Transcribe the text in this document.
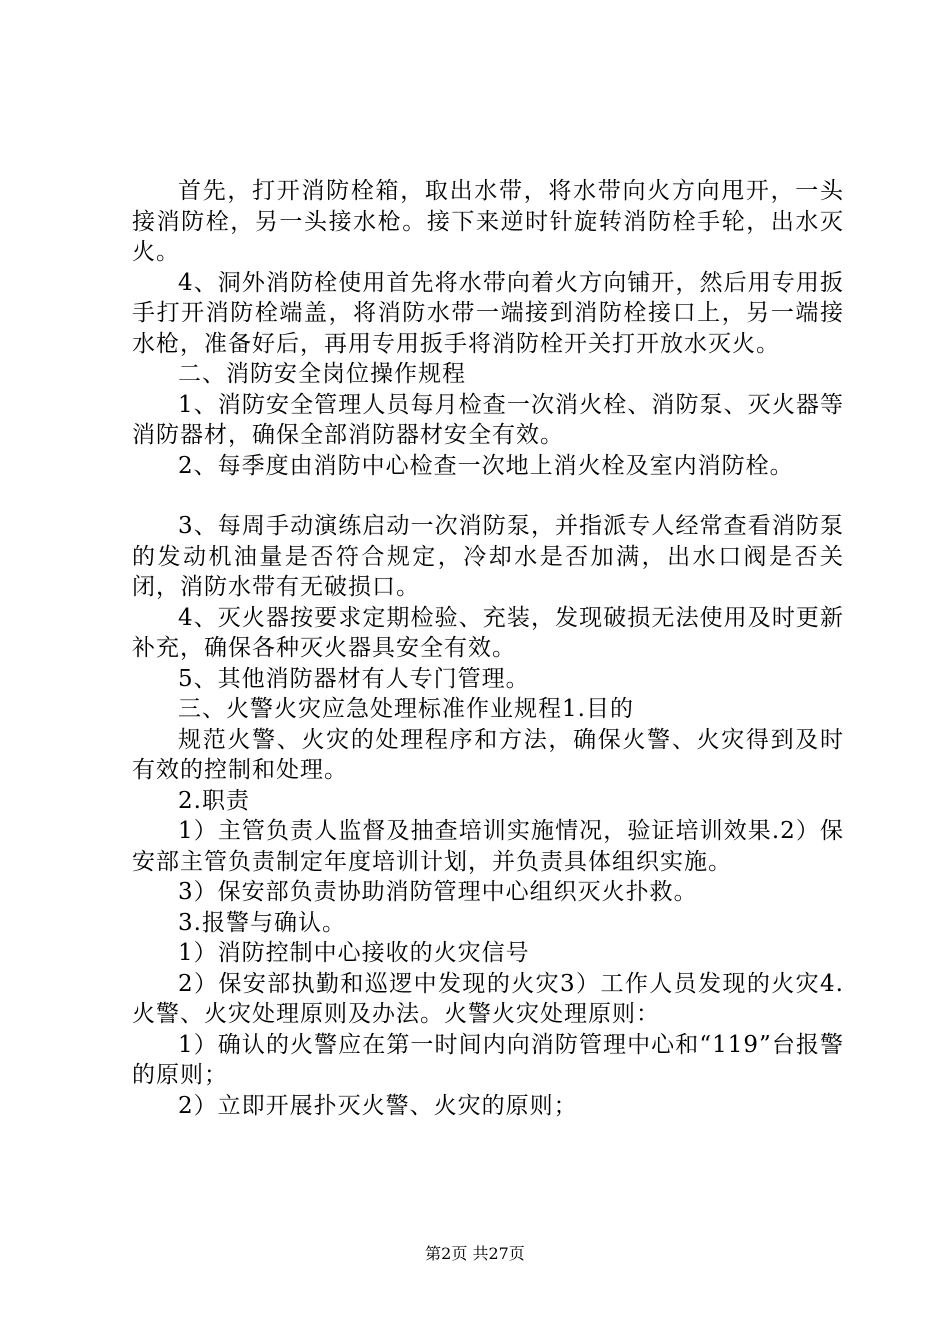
首先，打开消防栓箱，取出水带，将水带向火方向甩开，一头接消防栓，另一头接水枪。接下来逆时针旋转消防栓手轮，出水灭火。

4、洞外消防栓使用首先将水带向着火方向铺开，然后用专用扳手打开消防栓端盖，将消防水带一端接到消防栓接口上，另一端接水枪，准备好后，再用专用扳手将消防栓开关打开放水灭火。

二、消防安全岗位操作规程

1、消防安全管理人员每月检查一次消火栓、消防泵、灭火器等消防器材，确保全部消防器材安全有效。

2、每季度由消防中心检查一次地上消火栓及室内消防栓。

3、每周手动演练启动一次消防泵，并指派专人经常查看消防泵的发动机油量是否符合规定，冷却水是否加满，出水口阀是否关闭，消防水带有无破损口。

4、灭火器按要求定期检验、充装，发现破损无法使用及时更新补充，确保各种灭火器具安全有效。

5、其他消防器材有人专门管理。

三、火警火灾应急处理标准作业规程1.目的

规范火警、火灾的处理程序和方法，确保火警、火灾得到及时有效的控制和处理。

2.职责

1）主管负责人监督及抽查培训实施情况，验证培训效果.2）保安部主管负责制定年度培训计划，并负责具体组织实施。

3）保安部负责协助消防管理中心组织灭火扑救。

3.报警与确认。

1）消防控制中心接收的火灾信号

2）保安部执勤和巡逻中发现的火灾3）工作人员发现的火灾4.火警、火灾处理原则及办法。火警火灾处理原则：

1）确认的火警应在第一时间内向消防管理中心和“119”台报警的原则；

2）立即开展扑灭火警、火灾的原则；

第2页 共27页
